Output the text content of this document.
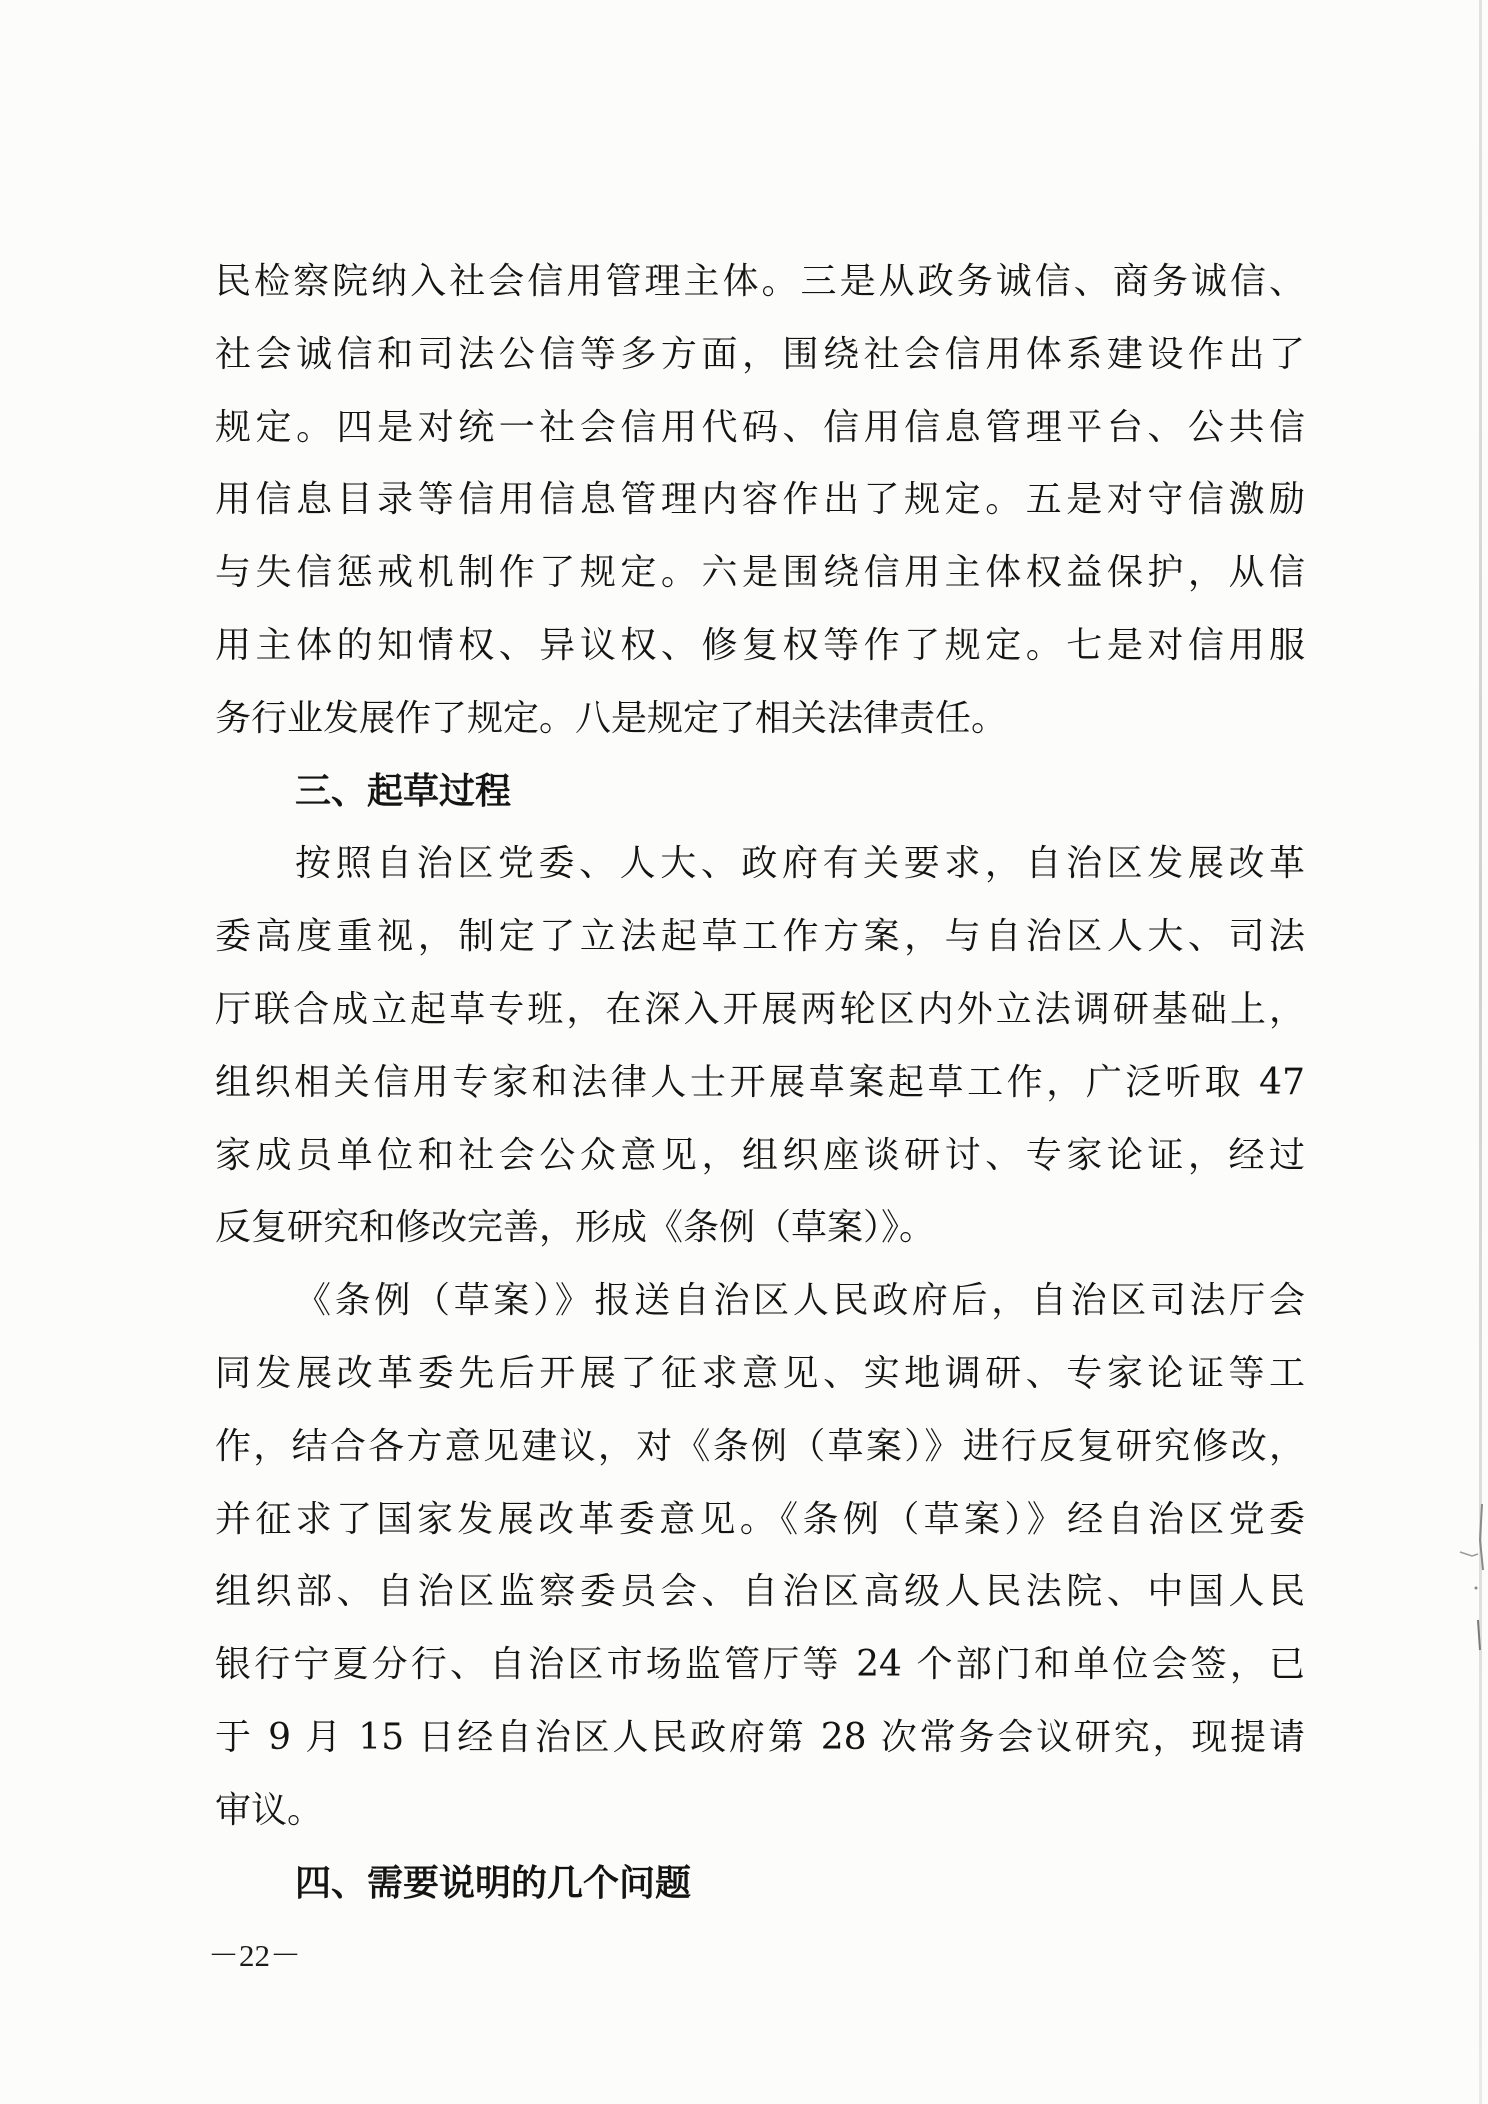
民检察院纳入社会信用管理主体。三是从政务诚信、商务诚信、
社会诚信和司法公信等多方面，围绕社会信用体系建设作出了
规定。四是对统一社会信用代码、信用信息管理平台、公共信
用信息目录等信用信息管理内容作出了规定。五是对守信激励
与失信惩戒机制作了规定。六是围绕信用主体权益保护，从信
用主体的知情权、异议权、修复权等作了规定。七是对信用服
务行业发展作了规定。八是规定了相关法律责任。
三、起草过程
按照自治区党委、人大、政府有关要求，自治区发展改革
委高度重视，制定了立法起草工作方案，与自治区人大、司法
厅联合成立起草专班，在深入开展两轮区内外立法调研基础上，
组织相关信用专家和法律人士开展草案起草工作，广泛听取 47
家成员单位和社会公众意见，组织座谈研讨、专家论证，经过
反复研究和修改完善，形成《条例（草案）》。
《条例（草案）》报送自治区人民政府后，自治区司法厅会
同发展改革委先后开展了征求意见、实地调研、专家论证等工
作，结合各方意见建议，对《条例（草案）》进行反复研究修改，
并征求了国家发展改革委意见。《条例（草案）》经自治区党委
组织部、自治区监察委员会、自治区高级人民法院、中国人民
银行宁夏分行、自治区市场监管厅等 24 个部门和单位会签，已
于 9 月 15 日经自治区人民政府第 28 次常务会议研究，现提请
审议。
四、需要说明的几个问题
－22－
